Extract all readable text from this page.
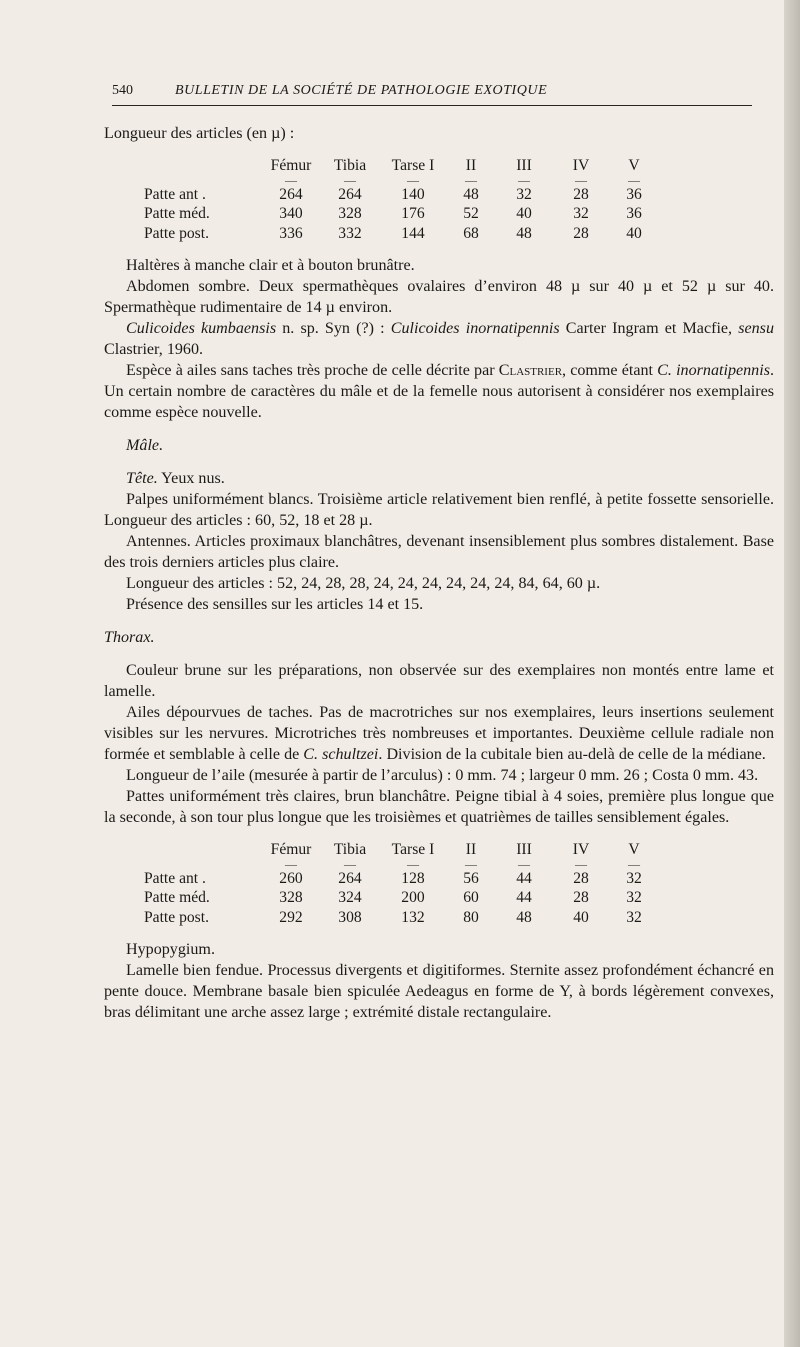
540	BULLETIN DE LA SOCIÉTÉ DE PATHOLOGIE EXOTIQUE

Longueur des articles (en µ) :

	Fémur	Tibia	Tarse I	II	III	IV	V
	—	—	—	—	—	—	—
Patte ant .	264	264	140	48	32	28	36
Patte méd.	340	328	176	52	40	32	36
Patte post.	336	332	144	68	48	28	40

Haltères à manche clair et à bouton brunâtre.

Abdomen sombre. Deux spermathèques ovalaires d’environ 48 µ sur 40 µ et 52 µ sur 40. Spermathèque rudimentaire de 14 µ environ.

Culicoides kumbaensis n. sp. Syn (?) : Culicoides inornatipennis Carter Ingram et Macfie, sensu Clastrier, 1960.

Espèce à ailes sans taches très proche de celle décrite par Clastrier, comme étant C. inornatipennis. Un certain nombre de caractères du mâle et de la femelle nous autorisent à considérer nos exemplaires comme espèce nouvelle.

Mâle.

Tête. Yeux nus.

Palpes uniformément blancs. Troisième article relativement bien renflé, à petite fossette sensorielle. Longueur des articles : 60, 52, 18 et 28 µ.

Antennes. Articles proximaux blanchâtres, devenant insensiblement plus sombres distalement. Base des trois derniers articles plus claire.

Longueur des articles : 52, 24, 28, 28, 24, 24, 24, 24, 24, 24, 84, 64, 60 µ.

Présence des sensilles sur les articles 14 et 15.

Thorax.

Couleur brune sur les préparations, non observée sur des exemplaires non montés entre lame et lamelle.

Ailes dépourvues de taches. Pas de macrotriches sur nos exemplaires, leurs insertions seulement visibles sur les nervures. Microtriches très nombreuses et importantes. Deuxième cellule radiale non formée et semblable à celle de C. schultzei. Division de la cubitale bien au-delà de celle de la médiane.

Longueur de l’aile (mesurée à partir de l’arculus) : 0 mm. 74 ; largeur 0 mm. 26 ; Costa 0 mm. 43.

Pattes uniformément très claires, brun blanchâtre. Peigne tibial à 4 soies, première plus longue que la seconde, à son tour plus longue que les troisièmes et quatrièmes de tailles sensiblement égales.

	Fémur	Tibia	Tarse I	II	III	IV	V
	—	—	—	—	—	—	—
Patte ant .	260	264	128	56	44	28	32
Patte méd.	328	324	200	60	44	28	32
Patte post.	292	308	132	80	48	40	32

Hypopygium.

Lamelle bien fendue. Processus divergents et digitiformes. Sternite assez profondément échancré en pente douce. Membrane basale bien spiculée Aedeagus en forme de Y, à bords légèrement convexes, bras délimitant une arche assez large ; extrémité distale rectangulaire.
